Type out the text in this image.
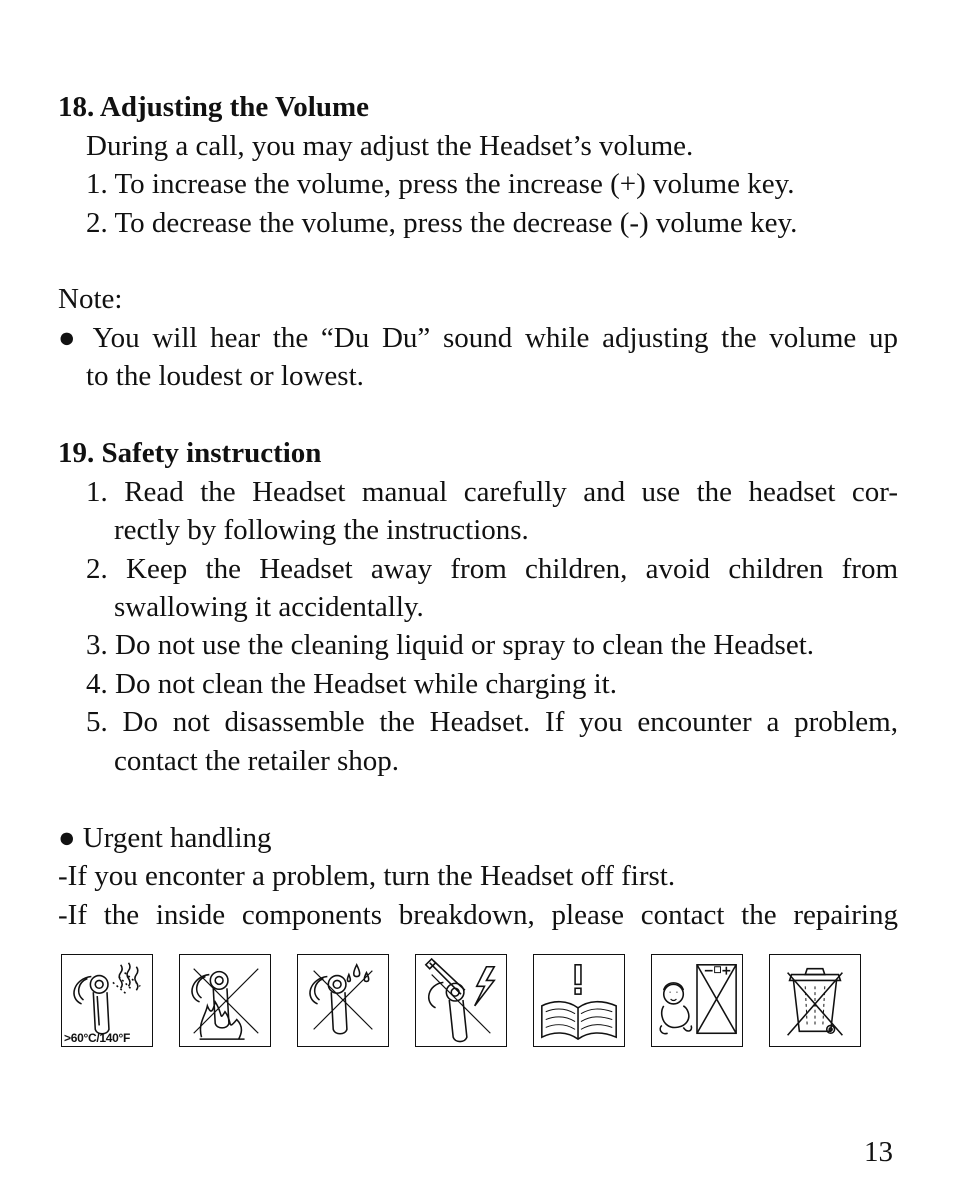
18. Adjusting the Volume
During a call, you may adjust the Headset’s volume.
1. To increase the volume, press the increase (+) volume key.
2. To decrease the volume, press the decrease (-) volume key.
Note:
● You will hear the “Du Du” sound while adjusting the volume up
to the loudest or lowest.
19. Safety instruction
1. Read the Headset manual carefully and use the headset cor-
rectly by following the instructions.
2. Keep the Headset away from children, avoid children from
swallowing it accidentally.
3. Do not use the cleaning liquid or spray to clean the Headset.
4. Do not clean the Headset while charging it.
5. Do not disassemble the Headset. If you encounter a problem,
contact the retailer shop.
● Urgent handling
-If you enconter a problem, turn the Headset off first.
-If the inside components breakdown, please contact the repairing
>60°C/140°F
13
